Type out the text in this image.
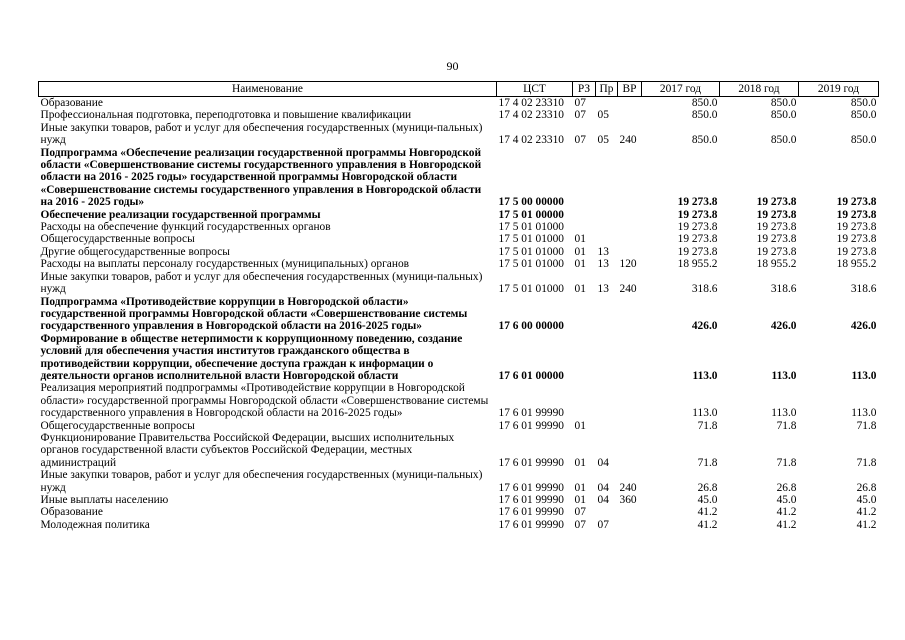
90
Наименование	ЦСТ	РЗ	Пр	ВР	2017 год	2018 год	2019 год
Образование	17 4 02 23310	07			850.0	850.0	850.0
Профессиональная подготовка, переподготовка и повышение квалификации	17 4 02 23310	07	05		850.0	850.0	850.0
Иные закупки товаров, работ и услуг для обеспечения государственных (муници-пальных) нужд	17 4 02 23310	07	05	240	850.0	850.0	850.0
Подпрограмма «Обеспечение реализации государственной программы Новгородской области «Совершенствование системы государственного управления в Новгородской области на 2016 - 2025 годы» государственной программы Новгородской области «Совершенствование системы государственного управления в Новгородской области на 2016 - 2025 годы»	17 5 00 00000				19 273.8	19 273.8	19 273.8
Обеспечение реализации государственной программы	17 5 01 00000				19 273.8	19 273.8	19 273.8
Расходы на обеспечение функций государственных органов	17 5 01 01000				19 273.8	19 273.8	19 273.8
Общегосударственные вопросы	17 5 01 01000	01			19 273.8	19 273.8	19 273.8
Другие общегосударственные вопросы	17 5 01 01000	01	13		19 273.8	19 273.8	19 273.8
Расходы на выплаты персоналу государственных (муниципальных) органов	17 5 01 01000	01	13	120	18 955.2	18 955.2	18 955.2
Иные закупки товаров, работ и услуг для обеспечения государственных (муници-пальных) нужд	17 5 01 01000	01	13	240	318.6	318.6	318.6
Подпрограмма «Противодействие коррупции в Новгородской области» государственной программы Новгородской области «Совершенствование системы государственного управления в Новгородской области на 2016-2025 годы»	17 6 00 00000				426.0	426.0	426.0
Формирование в обществе нетерпимости к коррупционному поведению, создание условий для обеспечения участия институтов гражданского общества в противодействии коррупции, обеспечение доступа граждан к информации о деятельности органов исполнительной власти Новгородской области	17 6 01 00000				113.0	113.0	113.0
Реализация мероприятий подпрограммы «Противодействие коррупции в Новгородской области» государственной программы Новгородской области «Совершенствование системы государственного управления в Новгородской области на 2016-2025 годы»	17 6 01 99990				113.0	113.0	113.0
Общегосударственные вопросы	17 6 01 99990	01			71.8	71.8	71.8
Функционирование Правительства Российской Федерации, высших исполнительных органов государственной власти субъектов Российской Федерации, местных администраций	17 6 01 99990	01	04		71.8	71.8	71.8
Иные закупки товаров, работ и услуг для обеспечения государственных (муници-пальных) нужд	17 6 01 99990	01	04	240	26.8	26.8	26.8
Иные выплаты населению	17 6 01 99990	01	04	360	45.0	45.0	45.0
Образование	17 6 01 99990	07			41.2	41.2	41.2
Молодежная политика	17 6 01 99990	07	07		41.2	41.2	41.2
